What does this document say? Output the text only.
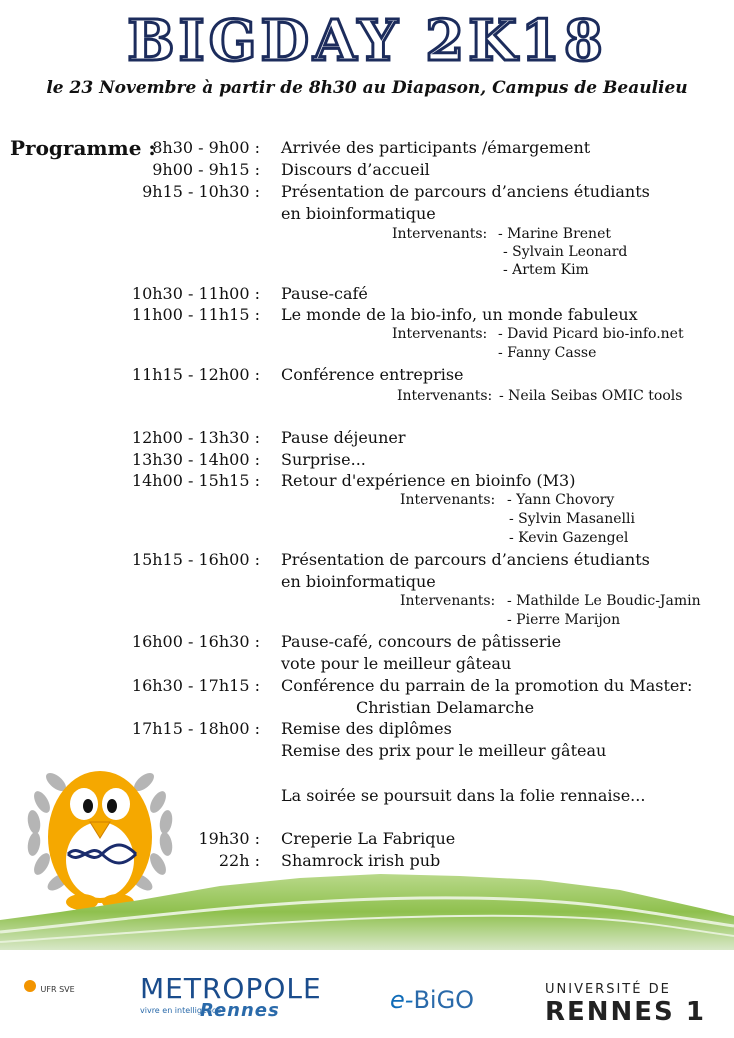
BIGDAY 2K18
le 23 Novembre à partir de 8h30 au Diapason, Campus de Beaulieu
Programme :
8h30 - 9h00 : Arrivée des participants /émargement
9h00 - 9h15 : Discours d’accueil
9h15 - 10h30 : Présentation de parcours d’anciens étudiants
en bioinformatique
Intervenants: - Marine Brenet
- Sylvain Leonard
- Artem Kim
10h30 - 11h00 : Pause-café
11h00 - 11h15 : Le monde de la bio-info, un monde fabuleux
Intervenants: - David Picard bio-info.net
- Fanny Casse
11h15 - 12h00 : Conférence entreprise
Intervenants: - Neila Seibas OMIC tools
12h00 - 13h30 : Pause déjeuner
13h30 - 14h00 : Surprise...
14h00 - 15h15 : Retour d'expérience en bioinfo (M3)
Intervenants: - Yann Chovory
- Sylvin Masanelli
- Kevin Gazengel
15h15 - 16h00 : Présentation de parcours d’anciens étudiants
en bioinformatique
Intervenants: - Mathilde Le Boudic-Jamin
- Pierre Marijon
16h00 - 16h30 : Pause-café, concours de pâtisserie
vote pour le meilleur gâteau
16h30 - 17h15 : Conférence du parrain de la promotion du Master:
Christian Delamarche
17h15 - 18h00 : Remise des diplômes
Remise des prix pour le meilleur gâteau
La soirée se poursuit dans la folie rennaise...
19h30 : Creperie La Fabrique
22h : Shamrock irish pub
UFR SVE METROPOLE
vivre en intelligence
Rennes	e-BiGO	UNIVERSITÉ DE
RENNES 1
